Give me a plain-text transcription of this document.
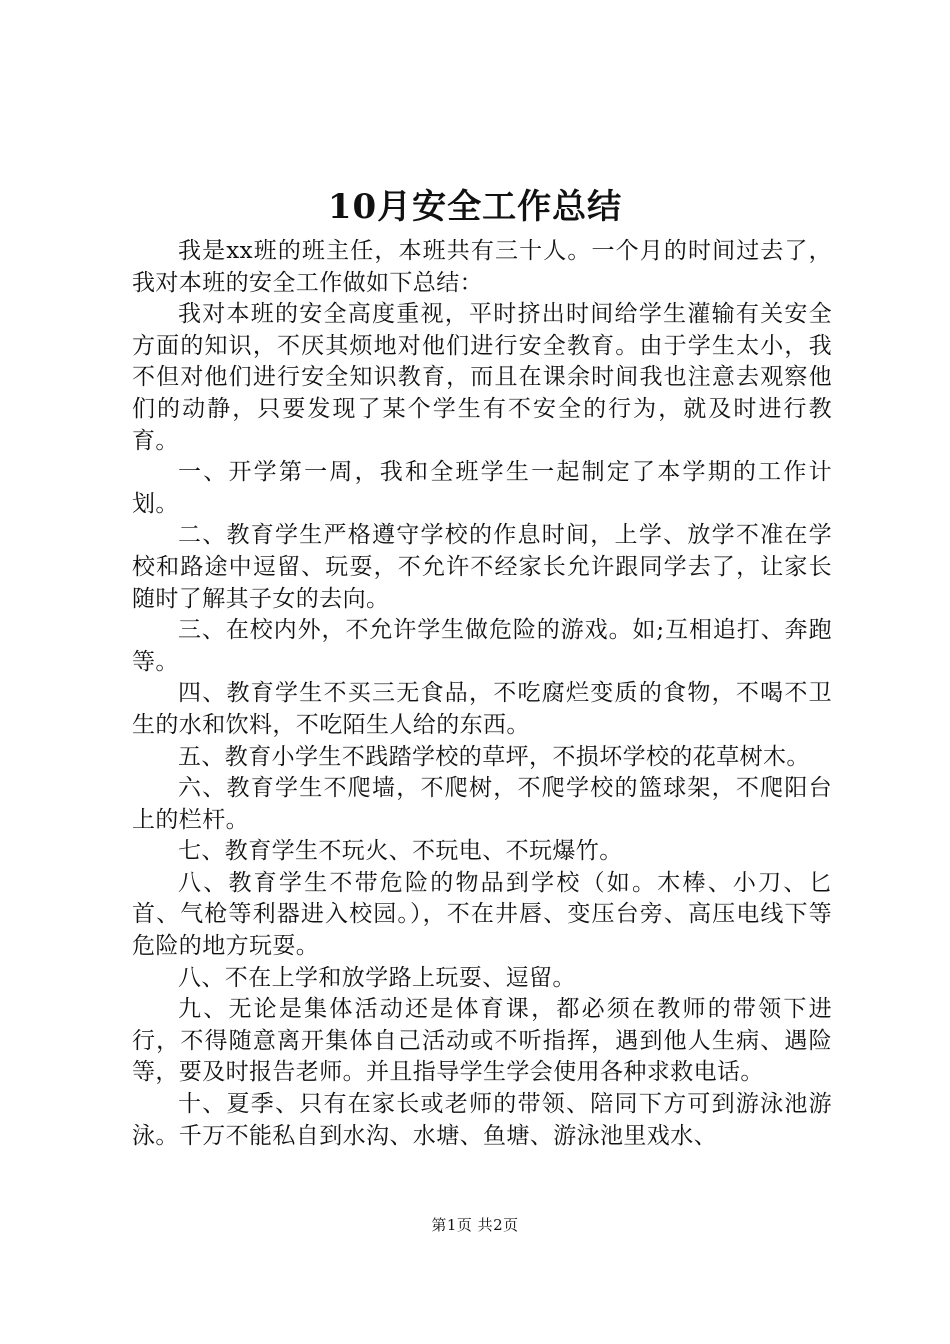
10月安全工作总结

我是xx班的班主任，本班共有三十人。一个月的时间过去了，我对本班的安全工作做如下总结：

我对本班的安全高度重视，平时挤出时间给学生灌输有关安全方面的知识，不厌其烦地对他们进行安全教育。由于学生太小，我不但对他们进行安全知识教育，而且在课余时间我也注意去观察他们的动静，只要发现了某个学生有不安全的行为，就及时进行教育。

一、开学第一周，我和全班学生一起制定了本学期的工作计划。

二、教育学生严格遵守学校的作息时间，上学、放学不准在学校和路途中逗留、玩耍，不允许不经家长允许跟同学去了，让家长随时了解其子女的去向。

三、在校内外，不允许学生做危险的游戏。如;互相追打、奔跑等。

四、教育学生不买三无食品，不吃腐烂变质的食物，不喝不卫生的水和饮料，不吃陌生人给的东西。

五、教育小学生不践踏学校的草坪，不损坏学校的花草树木。

六、教育学生不爬墙，不爬树，不爬学校的篮球架，不爬阳台上的栏杆。

七、教育学生不玩火、不玩电、不玩爆竹。

八、教育学生不带危险的物品到学校（如。木棒、小刀、匕首、气枪等利器进入校园。），不在井唇、变压台旁、高压电线下等危险的地方玩耍。

八、不在上学和放学路上玩耍、逗留。

九、无论是集体活动还是体育课，都必须在教师的带领下进行，不得随意离开集体自己活动或不听指挥，遇到他人生病、遇险等，要及时报告老师。并且指导学生学会使用各种求救电话。

十、夏季、只有在家长或老师的带领、陪同下方可到游泳池游泳。千万不能私自到水沟、水塘、鱼塘、游泳池里戏水、

第1页 共2页
